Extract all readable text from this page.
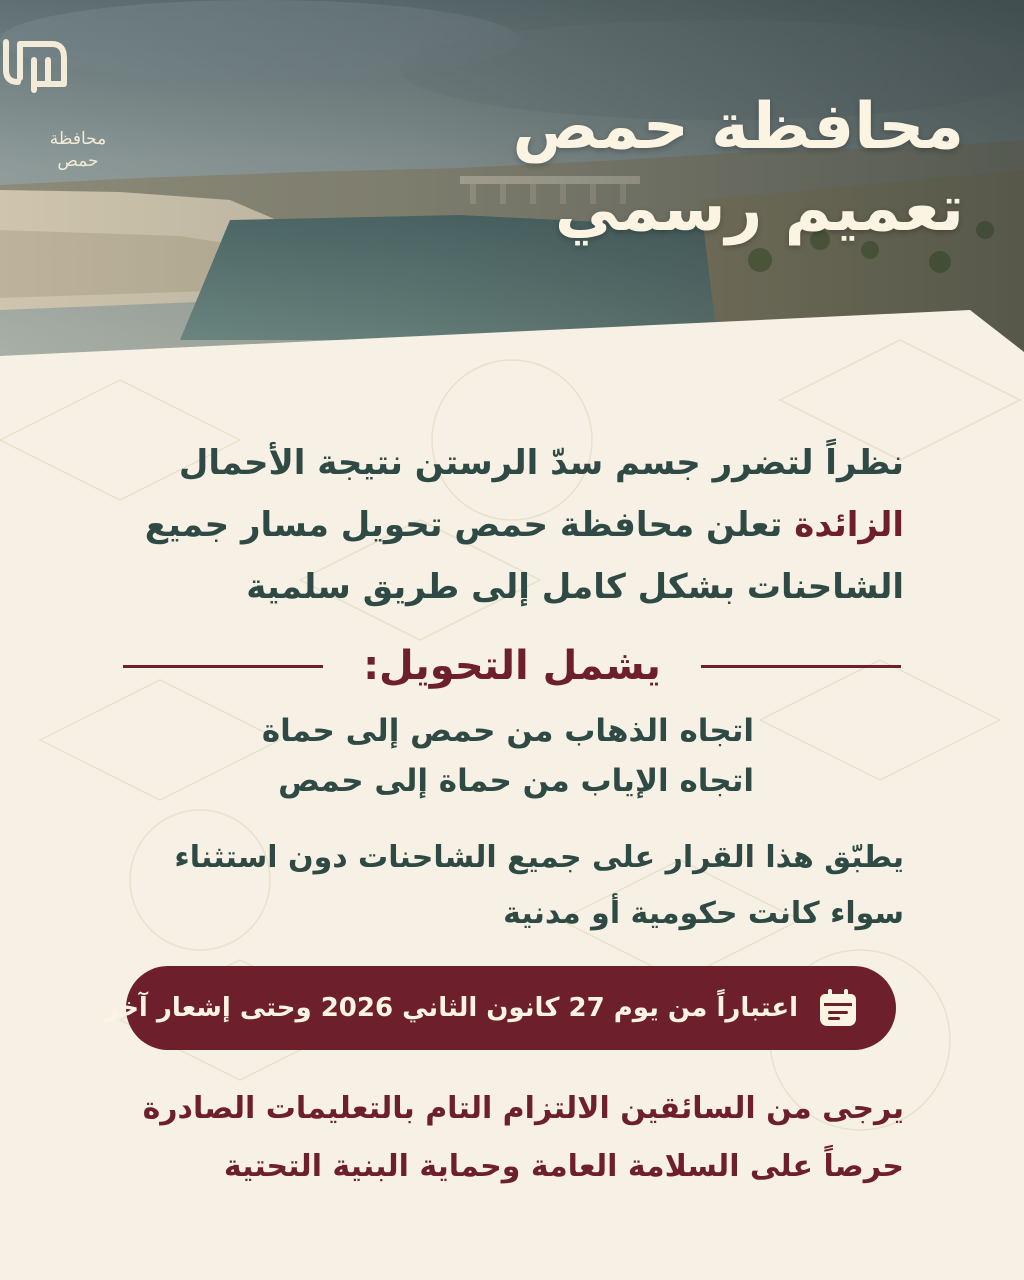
محافظة
حمص	محافظة حمص
تعميم رسمي
نظراً لتضرر جسم سدّ الرستن نتيجة الأحمال
الزائدة تعلن محافظة حمص تحويل مسار جميع
الشاحنات بشكل كامل إلى طريق سلمية
يشمل التحويل:
اتجاه الذهاب من حمص إلى حماة
اتجاه الإياب من حماة إلى حمص
يطبّق هذا القرار على جميع الشاحنات دون استثناء
سواء كانت حكومية أو مدنية
اعتباراً من يوم 27 كانون الثاني 2026 وحتى إشعار آخر
يرجى من السائقين الالتزام التام بالتعليمات الصادرة
حرصاً على السلامة العامة وحماية البنية التحتية
